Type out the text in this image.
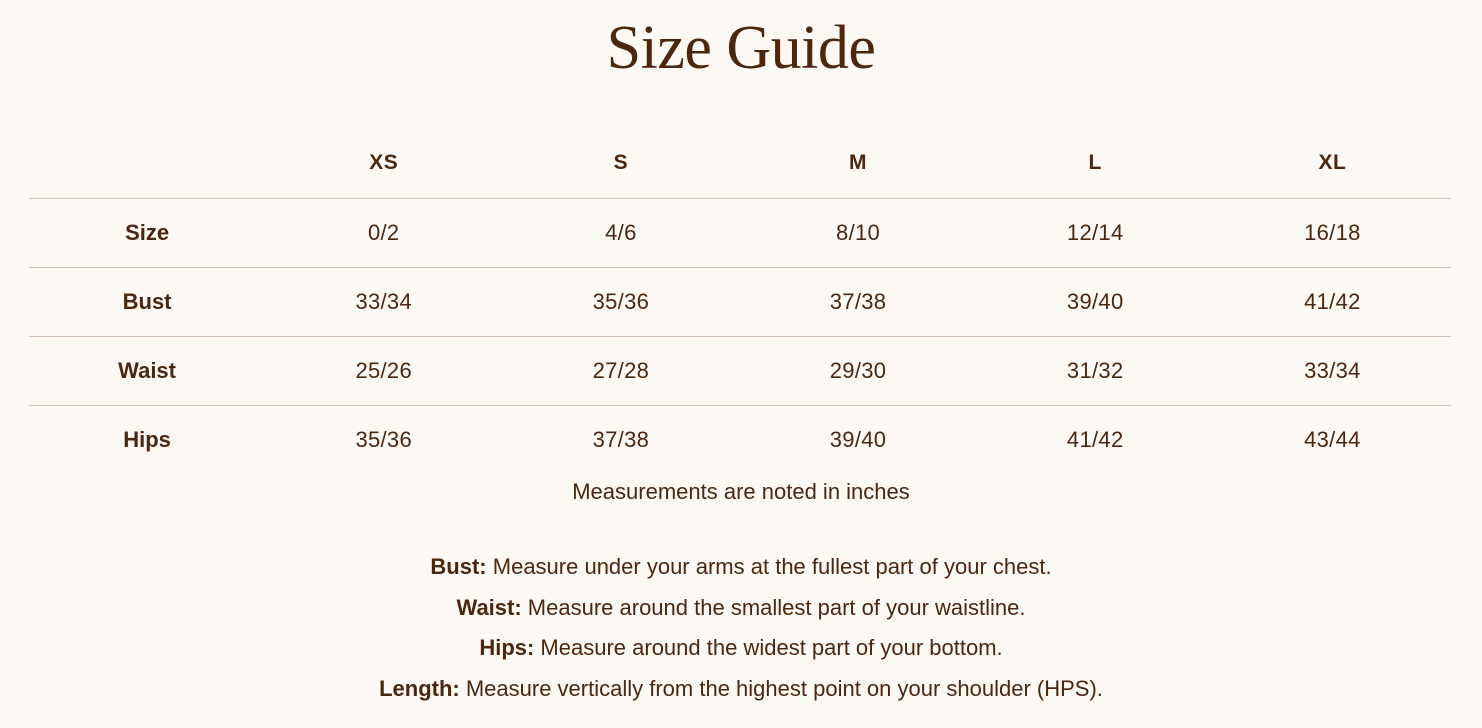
Size Guide
	XS	S	M	L	XL
Size	0/2	4/6	8/10	12/14	16/18
Bust	33/34	35/36	37/38	39/40	41/42
Waist	25/26	27/28	29/30	31/32	33/34
Hips	35/36	37/38	39/40	41/42	43/44
Measurements are noted in inches
Bust: Measure under your arms at the fullest part of your chest.
Waist: Measure around the smallest part of your waistline.
Hips: Measure around the widest part of your bottom.
Length: Measure vertically from the highest point on your shoulder (HPS).
